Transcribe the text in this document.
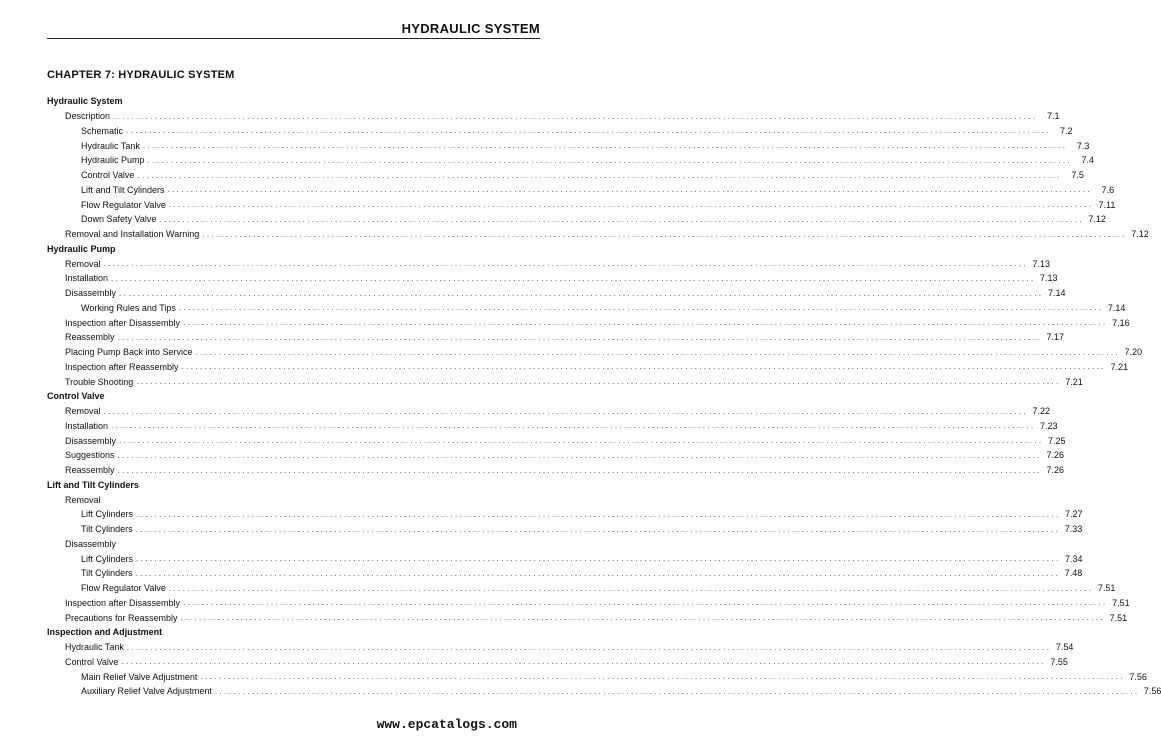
HYDRAULIC SYSTEM
CHAPTER 7: HYDRAULIC SYSTEM
Hydraulic System
Description ........................................................................................................................................................................................................	7.1
Schematic ........................................................................................................................................................................................................	7.2
Hydraulic Tank ........................................................................................................................................................................................................	7.3
Hydraulic Pump ........................................................................................................................................................................................................	7.4
Control Valve ........................................................................................................................................................................................................	7.5
Lift and Tilt Cylinders ........................................................................................................................................................................................................	7.6
Flow Regulator Valve ........................................................................................................................................................................................................ 7.11
Down Safety Valve ........................................................................................................................................................................................................ 7.12
Removal and Installation Warning ........................................................................................................................................................................................................ 7.12
Hydraulic Pump
Removal ........................................................................................................................................................................................................ 7.13
Installation ........................................................................................................................................................................................................ 7.13
Disassembly ........................................................................................................................................................................................................ 7.14
Working Rules and Tips ........................................................................................................................................................................................................ 7.14
Inspection after Disassembly ........................................................................................................................................................................................................ 7.16
Reassembly ........................................................................................................................................................................................................ 7.17
Placing Pump Back into Service ........................................................................................................................................................................................................ 7.20
Inspection after Reassembly ........................................................................................................................................................................................................ 7.21
Trouble Shooting ........................................................................................................................................................................................................ 7.21
Control Valve
Removal ........................................................................................................................................................................................................ 7.22
Installation ........................................................................................................................................................................................................ 7.23
Disassembly ........................................................................................................................................................................................................ 7.25
Suggestions ........................................................................................................................................................................................................ 7.26
Reassembly ........................................................................................................................................................................................................ 7.26
Lift and Tilt Cylinders
Removal
Lift Cylinders ........................................................................................................................................................................................................ 7.27
Tilt Cylinders ........................................................................................................................................................................................................ 7.33
Disassembly
Lift Cylinders ........................................................................................................................................................................................................ 7.34
Tilt Cylinders ........................................................................................................................................................................................................ 7.48
Flow Regulator Valve ........................................................................................................................................................................................................ 7.51
Inspection after Disassembly ........................................................................................................................................................................................................ 7.51
Precautions for Reassembly ........................................................................................................................................................................................................ 7.51
Inspection and Adjustment
Hydraulic Tank ........................................................................................................................................................................................................ 7.54
Control Valve ........................................................................................................................................................................................................ 7.55
Main Relief Valve Adjustment ........................................................................................................................................................................................................ 7.56
Auxiliary Relief Valve Adjustment ........................................................................................................................................................................................................ 7.56
www.epcatalogs.com
